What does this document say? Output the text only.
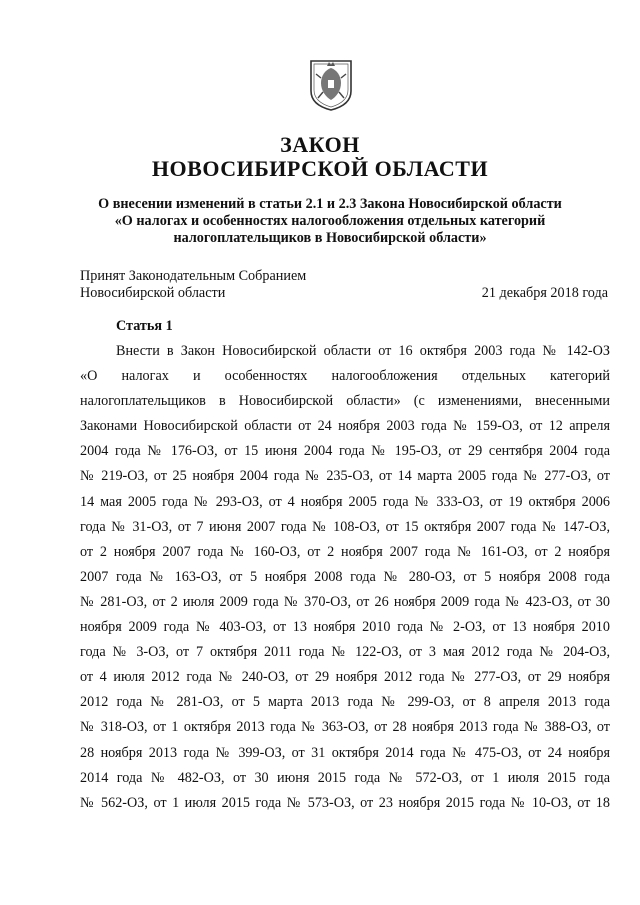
ЗАКОН
НОВОСИБИРСКОЙ ОБЛАСТИ
О внесении изменений в статьи 2.1 и 2.3 Закона Новосибирской области
«О налогах и особенностях налогообложения отдельных категорий
налогоплательщиков в Новосибирской области»
Принят Законодательным Собранием
Новосибирской области	21 декабря 2018 года
Статья 1
Внести в Закон Новосибирской области от 16 октября 2003 года № 142-ОЗ
«О налогах и особенностях налогообложения отдельных категорий
налогоплательщиков в Новосибирской области» (с изменениями, внесенными
Законами Новосибирской области от 24 ноября 2003 года № 159-ОЗ, от 12 апреля
2004 года № 176-ОЗ, от 15 июня 2004 года № 195-ОЗ, от 29 сентября 2004 года
№ 219-ОЗ, от 25 ноября 2004 года № 235-ОЗ, от 14 марта 2005 года № 277-ОЗ, от
14 мая 2005 года № 293-ОЗ, от 4 ноября 2005 года № 333-ОЗ, от 19 октября 2006
года № 31-ОЗ, от 7 июня 2007 года № 108-ОЗ, от 15 октября 2007 года № 147-ОЗ,
от 2 ноября 2007 года № 160-ОЗ, от 2 ноября 2007 года № 161-ОЗ, от 2 ноября
2007 года № 163-ОЗ, от 5 ноября 2008 года № 280-ОЗ, от 5 ноября 2008 года
№ 281-ОЗ, от 2 июля 2009 года № 370-ОЗ, от 26 ноября 2009 года № 423-ОЗ, от 30
ноября 2009 года № 403-ОЗ, от 13 ноября 2010 года № 2-ОЗ, от 13 ноября 2010
года № 3-ОЗ, от 7 октября 2011 года № 122-ОЗ, от 3 мая 2012 года № 204-ОЗ,
от 4 июля 2012 года № 240-ОЗ, от 29 ноября 2012 года № 277-ОЗ, от 29 ноября
2012 года № 281-ОЗ, от 5 марта 2013 года № 299-ОЗ, от 8 апреля 2013 года
№ 318-ОЗ, от 1 октября 2013 года № 363-ОЗ, от 28 ноября 2013 года № 388-ОЗ, от
28 ноября 2013 года № 399-ОЗ, от 31 октября 2014 года № 475-ОЗ, от 24 ноября
2014 года № 482-ОЗ, от 30 июня 2015 года № 572-ОЗ, от 1 июля 2015 года
№ 562-ОЗ, от 1 июля 2015 года № 573-ОЗ, от 23 ноября 2015 года № 10-ОЗ, от 18
